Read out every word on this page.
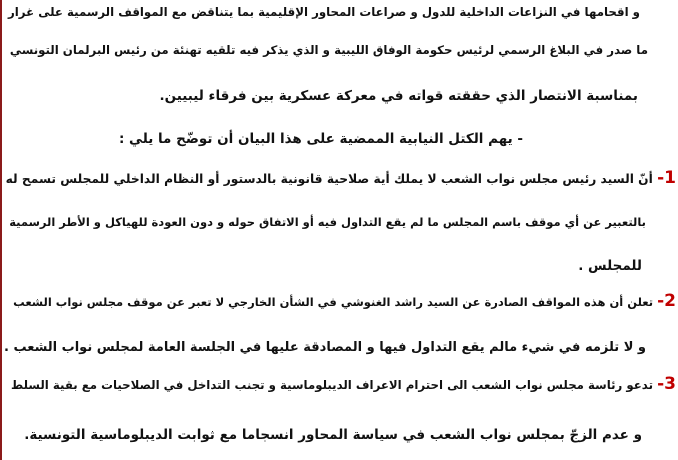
و اقحامها في النزاعات الداخلية للدول و صراعات المحاور الإقليمية بما يتناقض مع المواقف الرسمية على غرار
ما صدر في البلاغ الرسمي لرئيس حكومة الوفاق الليبية و الذي يذكر فيه تلقيه تهنئة من رئيس البرلمان التونسي
بمناسبة الانتصار الذي حققته قواته في معركة عسكرية بين فرقاء ليبيين.
- يهم الكتل النيابية الممضية على هذا البيان أن توضّح ما يلي :
1- أنّ السيد رئيس مجلس نواب الشعب لا يملك أية صلاحية قانونية بالدستور أو النظام الداخلي للمجلس تسمح له
بالتعبير عن أي موقف باسم المجلس ما لم يقع التداول فيه أو الاتفاق حوله و دون العودة للهياكل و الأطر الرسمية
للمجلس .
2- تعلن أن هذه المواقف الصادرة عن السيد راشد الغنوشي في الشأن الخارجي لا تعبر عن موقف مجلس نواب الشعب
و لا تلزمه في شيء مالم يقع التداول فيها و المصادقة عليها في الجلسة العامة لمجلس نواب الشعب .
3- تدعو رئاسة مجلس نواب الشعب الى احترام الاعراف الديبلوماسية و تجنب التداخل في الصلاحيات مع بقية السلط
و عدم الزجّ بمجلس نواب الشعب في سياسة المحاور انسجاما مع ثوابت الديبلوماسية التونسية.
